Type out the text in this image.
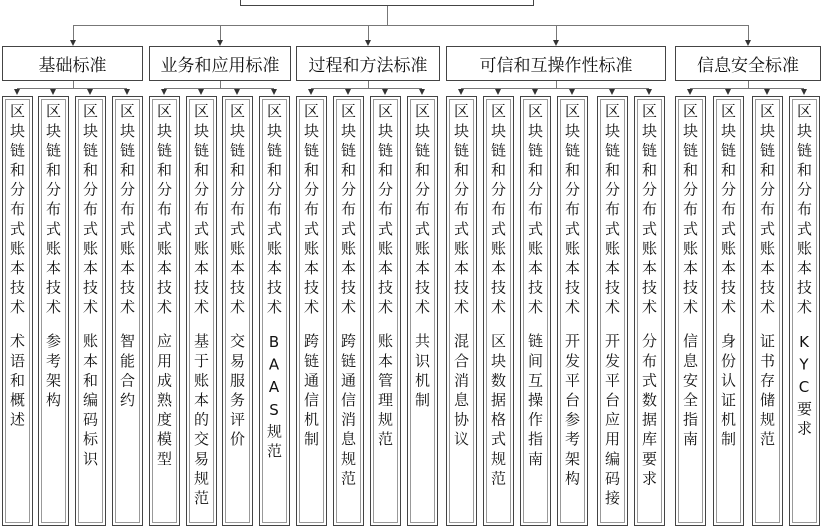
基础标准
区块链和分布式账本技术
术语和概述
区块链和分布式账本技术
参考架构
区块链和分布式账本技术
账本和编码标识
区块链和分布式账本技术
智能合约
业务和应用标准
区块链和分布式账本技术
应用成熟度模型
区块链和分布式账本技术
基于账本的交易规范
区块链和分布式账本技术
交易服务评价
区块链和分布式账本技术
BAAS规范
过程和方法标准
区块链和分布式账本技术
跨链通信机制
区块链和分布式账本技术
跨链通信消息规范
区块链和分布式账本技术
账本管理规范
区块链和分布式账本技术
共识机制
可信和互操作性标准
区块链和分布式账本技术
混合消息协议
区块链和分布式账本技术
区块数据格式规范
区块链和分布式账本技术
链间互操作指南
区块链和分布式账本技术
开发平台参考架构
区块链和分布式账本技术
开发平台应用编码接
区块链和分布式账本技术
分布式数据库要求
信息安全标准
区块链和分布式账本技术
信息安全指南
区块链和分布式账本技术
身份认证机制
区块链和分布式账本技术
证书存储规范
区块链和分布式账本技术
KYC要求
